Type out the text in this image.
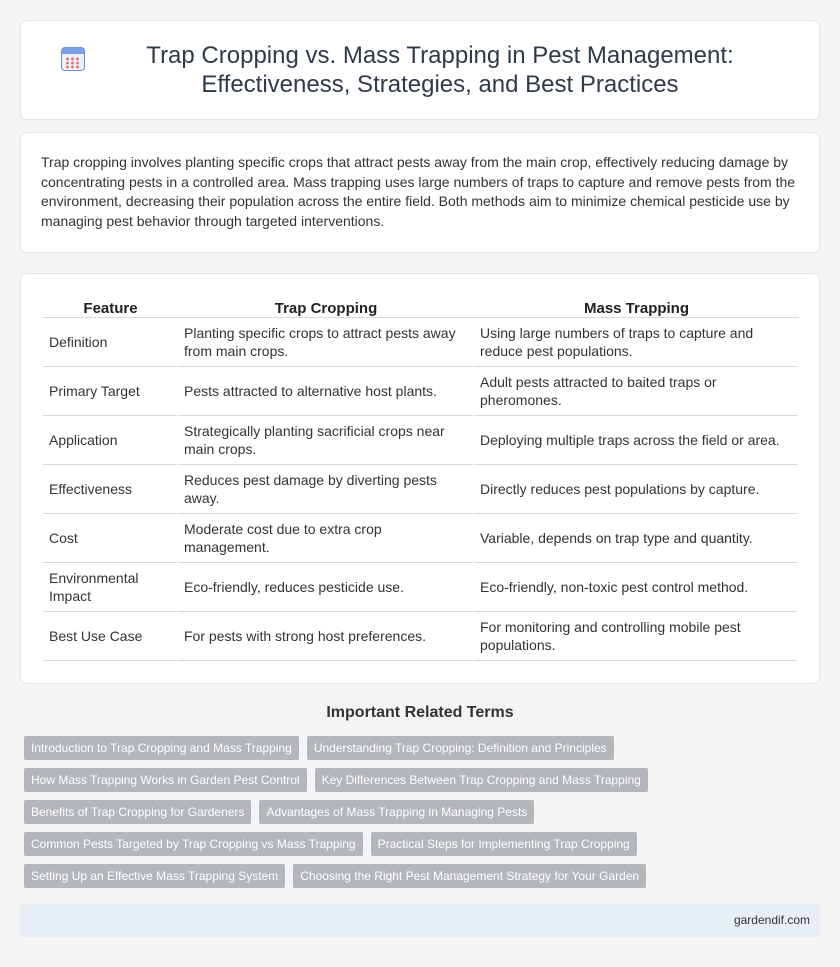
Trap Cropping vs. Mass Trapping in Pest Management: Effectiveness, Strategies, and Best Practices

Trap cropping involves planting specific crops that attract pests away from the main crop, effectively reducing damage by concentrating pests in a controlled area. Mass trapping uses large numbers of traps to capture and remove pests from the environment, decreasing their population across the entire field. Both methods aim to minimize chemical pesticide use by managing pest behavior through targeted interventions.

Feature	Trap Cropping	Mass Trapping
Definition	Planting specific crops to attract pests away from main crops.	Using large numbers of traps to capture and reduce pest populations.
Primary Target	Pests attracted to alternative host plants.	Adult pests attracted to baited traps or pheromones.
Application	Strategically planting sacrificial crops near main crops.	Deploying multiple traps across the field or area.
Effectiveness	Reduces pest damage by diverting pests away.	Directly reduces pest populations by capture.
Cost	Moderate cost due to extra crop management.	Variable, depends on trap type and quantity.
Environmental Impact	Eco-friendly, reduces pesticide use.	Eco-friendly, non-toxic pest control method.
Best Use Case	For pests with strong host preferences.	For monitoring and controlling mobile pest populations.
Important Related Terms
Introduction to Trap Cropping and Mass Trapping	Understanding Trap Cropping: Definition and Principles
How Mass Trapping Works in Garden Pest Control	Key Differences Between Trap Cropping and Mass Trapping
Benefits of Trap Cropping for Gardeners	Advantages of Mass Trapping in Managing Pests
Common Pests Targeted by Trap Cropping vs Mass Trapping	Practical Steps for Implementing Trap Cropping
Setting Up an Effective Mass Trapping System	Choosing the Right Pest Management Strategy for Your Garden
gardendif.com
